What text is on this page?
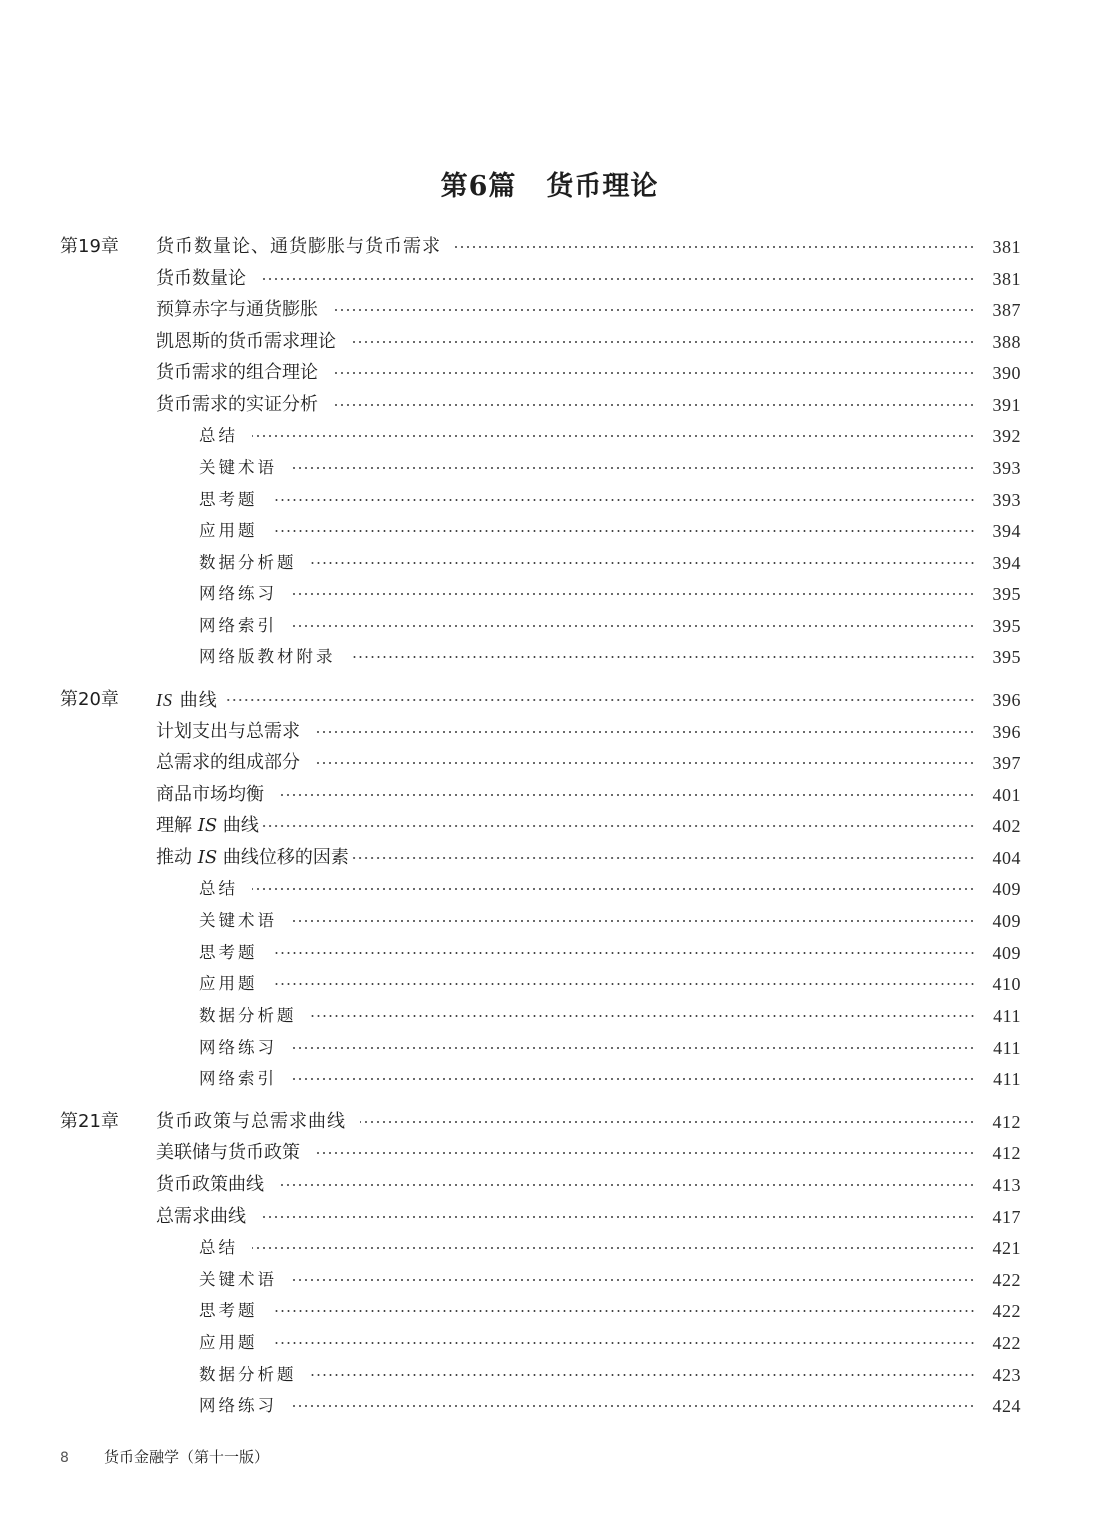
第6篇 货币理论
第19章	货币数量论、通货膨胀与货币需求	381
货币数量论	381
预算赤字与通货膨胀	387
凯恩斯的货币需求理论	388
货币需求的组合理论	390
货币需求的实证分析	391
总结	392
关键术语	393
思考题	393
应用题	394
数据分析题	394
网络练习	395
网络索引	395
网络版教材附录	395
第20章	IS 曲线	396
计划支出与总需求	396
总需求的组成部分	397
商品市场均衡	401
理解 IS 曲线	402
推动 IS 曲线位移的因素	404
总结	409
关键术语	409
思考题	409
应用题	410
数据分析题	411
网络练习	411
网络索引	411
第21章	货币政策与总需求曲线	412
美联储与货币政策	412
货币政策曲线	413
总需求曲线	417
总结	421
关键术语	422
思考题	422
应用题	422
数据分析题	423
网络练习	424
8 货币金融学（第十一版）
